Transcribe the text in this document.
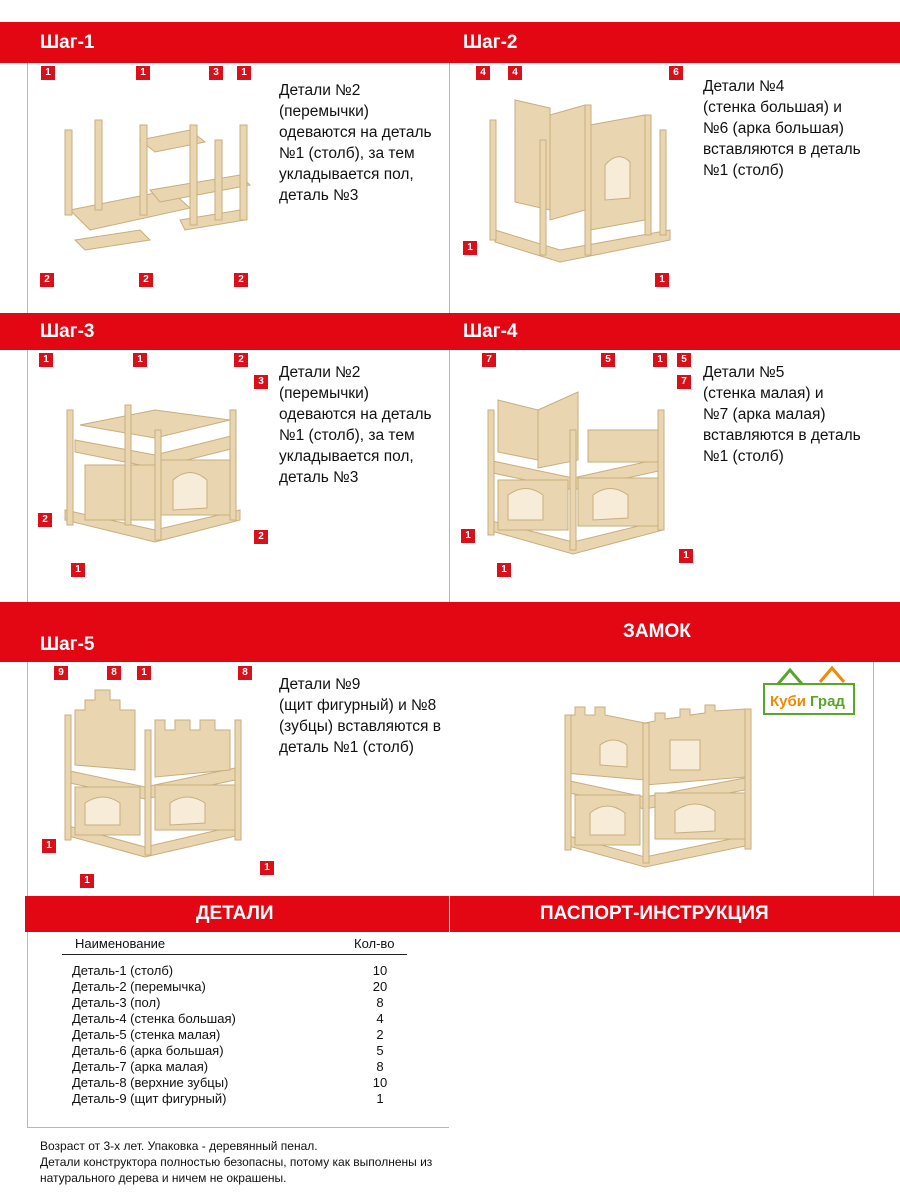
Шаг-1	Шаг-2
Шаг-3	Шаг-4
Шаг-5
ЗАМОК
ДЕТАЛИ	ПАСПОРТ-ИНСТРУКЦИЯ
Детали №2
(перемычки)
одеваются на деталь
№1 (столб), за тем
укладывается пол,
деталь №3
Детали №4
(стенка большая) и
№6 (арка большая)
вставляются в деталь
№1 (столб)
Детали №2
(перемычки)
одеваются на деталь
№1 (столб), за тем
укладывается пол,
деталь №3
Детали №5
(стенка малая) и
№7 (арка малая)
вставляются в деталь
№1 (столб)
Детали №9
(щит фигурный) и №8
(зубцы) вставляются в
деталь №1 (столб)
Куби Град
1	1	3	1
2	2	2
4	4	6
1
1
1	1	2
3
2
2
1
7	5	1	5
7
1
1
1
9	8	1	8
1
1
1
Наименование	Кол-во
Деталь-1 (столб)	10
Деталь-2 (перемычка)	20
Деталь-3 (пол)	8
Деталь-4 (стенка большая)	4
Деталь-5 (стенка малая)	2
Деталь-6 (арка большая)	5
Деталь-7 (арка малая)	8
Деталь-8 (верхние зубцы)	10
Деталь-9 (щит фигурный)	1
Возраст от 3-х лет. Упаковка - деревянный пенал.
Детали конструктора полностью безопасны, потому как выполнены из
натурального дерева и ничем не окрашены.
